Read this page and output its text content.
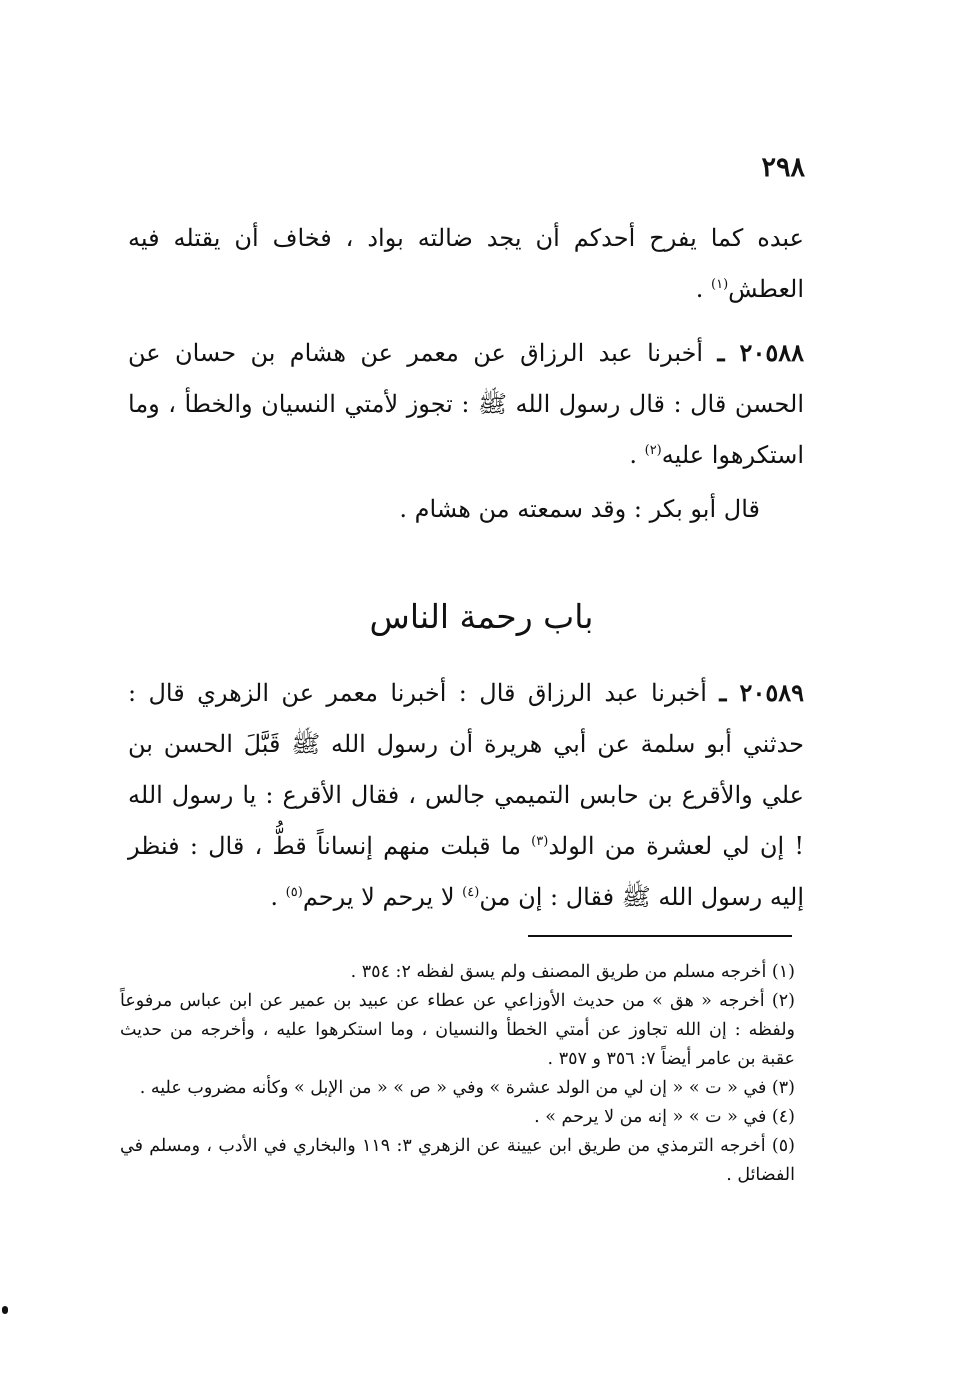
٢٩٨

عبده كما يفرح أحدكم أن يجد ضالته بواد ، فخاف أن يقتله فيه العطش$^{(١)}$ .

٢٠٥٨٨ ـ أخبرنا عبد الرزاق عن معمر عن هشام بن حسان عن الحسن قال : قال رسول الله ﷺ : تجوز لأمتي النسيان والخطأ ، وما استكرهوا عليه$^{(٢)}$ .

قال أبو بكر : وقد سمعته من هشام .

باب رحمة الناس

٢٠٥٨٩ ـ أخبرنا عبد الرزاق قال : أخبرنا معمر عن الزهري قال : حدثني أبو سلمة عن أبي هريرة أن رسول الله ﷺ قَبَّلَ الحسن بن علي والأقرع بن حابس التميمي جالس ، فقال الأقرع : يا رسول الله ! إن لي لعشرة من الولد$^{(٣)}$ ما قبلت منهم إنساناً قطُّ ، قال : فنظر إليه رسول الله ﷺ فقال : إن من$^{(٤)}$ لا يرحم لا يرحم$^{(٥)}$ .

(١) أخرجه مسلم من طريق المصنف ولم يسق لفظه ٢: ٣٥٤ .

(٢) أخرجه « هق » من حديث الأوزاعي عن عطاء عن عبيد بن عمير عن ابن عباس مرفوعاً ولفظه : إن الله تجاوز عن أمتي الخطأ والنسيان ، وما استكرهوا عليه ، وأخرجه من حديث عقبة بن عامر أيضاً ٧: ٣٥٦ و ٣٥٧ .

(٣) في « ت » « إن لي من الولد عشرة » وفي « ص » « من الإبل » وكأنه مضروب عليه .

(٤) في « ت » « إنه من لا يرحم » .

(٥) أخرجه الترمذي من طريق ابن عيينة عن الزهري ٣: ١١٩ والبخاري في الأدب ، ومسلم في الفضائل .
